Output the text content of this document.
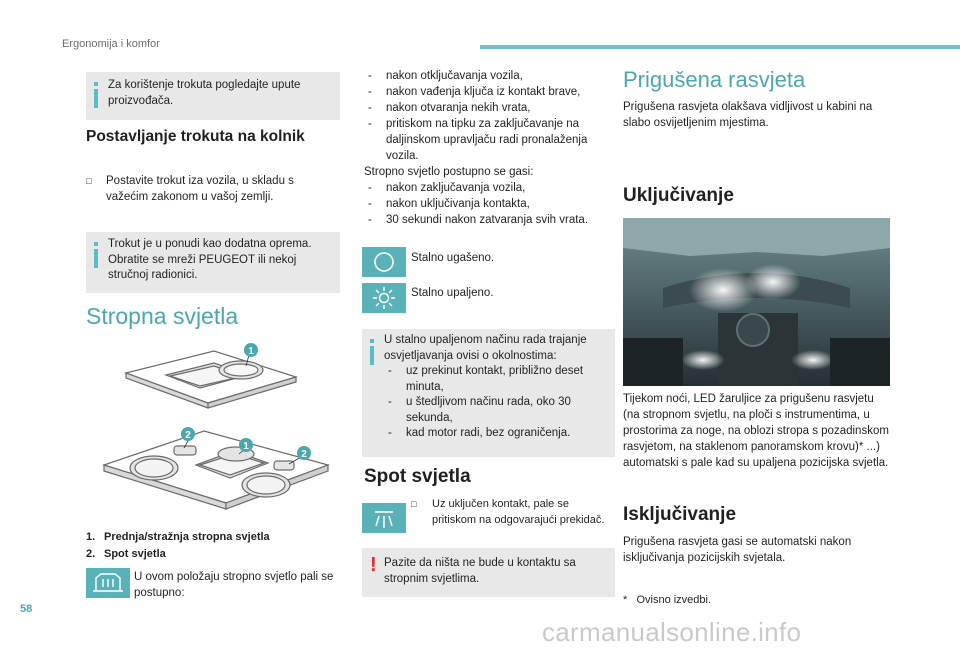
Ergonomija i komfor
Za korištenje trokuta pogledajte upute proizvođača.
Postavljanje trokuta na kolnik
□	Postavite trokut iza vozila, u skladu s važećim zakonom u vašoj zemlji.
Trokut je u ponudi kao dodatna oprema. Obratite se mreži PEUGEOT ili nekoj stručnoj radionici.
Stropna svjetla
1
2
1
2
1. Prednja/stražnja stropna svjetla
2. Spot svjetla
U ovom položaju stropno svjetlo pali se postupno:
- nakon otključavanja vozila,
- nakon vađenja ključa iz kontakt brave,
- nakon otvaranja nekih vrata,
- pritiskom na tipku za zaključavanje na daljinskom upravljaču radi pronalaženja vozila.
Stropno svjetlo postupno se gasi:
- nakon zaključavanja vozila,
- nakon uključivanja kontakta,
- 30 sekundi nakon zatvaranja svih vrata.
Stalno ugašeno.
Stalno upaljeno.
U stalno upaljenom načinu rada trajanje osvjetljavanja ovisi o okolnostima:
- uz prekinut kontakt, približno deset minuta,
- u štedljivom načinu rada, oko 30 sekunda,
- kad motor radi, bez ograničenja.
Spot svjetla
□	Uz uključen kontakt, pale se pritiskom na odgovarajući prekidač.
! Pazite da ništa ne bude u kontaktu sa stropnim svjetlima.
Prigušena rasvjeta
Prigušena rasvjeta olakšava vidljivost u kabini na slabo osvijetljenim mjestima.
Uključivanje
Tijekom noći, LED žaruljice za prigušenu rasvjetu (na stropnom svjetlu, na ploči s instrumentima, u prostorima za noge, na oblozi stropa s pozadinskom rasvjetom, na staklenom panoramskom krovu)* ...) automatski s pale kad su upaljena pozicijska svjetla.
Isključivanje
Prigušena rasvjeta gasi se automatski nakon isključivanja pozicijskih svjetala.
*   Ovisno izvedbi.
58
carmanualsonline.info
